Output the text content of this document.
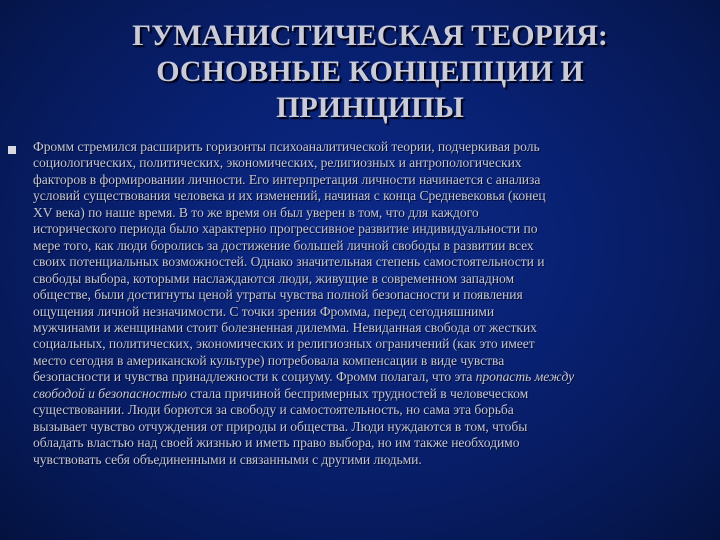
ГУМАНИСТИЧЕСКАЯ ТЕОРИЯ:
ОСНОВНЫЕ КОНЦЕПЦИИ И
ПРИНЦИПЫ

Фромм стремился расширить горизонты психоаналитической теории, подчеркивая роль
социологических, политических, экономических, религиозных и антропологических
факторов в формировании личности. Его интерпретация личности начинается с анализа
условий существования человека и их изменений, начиная с конца Средневековья (конец
XV века) по наше время. В то же время он был уверен в том, что для каждого
исторического периода было характерно прогрессивное развитие индивидуальности по
мере того, как люди боролись за достижение большей личной свободы в развитии всех
своих потенциальных возможностей. Однако значительная степень самостоятельности и
свободы выбора, которыми наслаждаются люди, живущие в современном западном
обществе, были достигнуты ценой утраты чувства полной безопасности и появления
ощущения личной незначимости. С точки зрения Фромма, перед сегодняшними
мужчинами и женщинами стоит болезненная дилемма. Невиданная свобода от жестких
социальных, политических, экономических и религиозных ограничений (как это имеет
место сегодня в американской культуре) потребовала компенсации в виде чувства
безопасности и чувства принадлежности к социуму. Фромм полагал, что эта пропасть между
свободой и безопасностью стала причиной беспримерных трудностей в человеческом
существовании. Люди борются за свободу и самостоятельность, но сама эта борьба
вызывает чувство отчуждения от природы и общества. Люди нуждаются в том, чтобы
обладать властью над своей жизнью и иметь право выбора, но им также необходимо
чувствовать себя объединенными и связанными с другими людьми.
